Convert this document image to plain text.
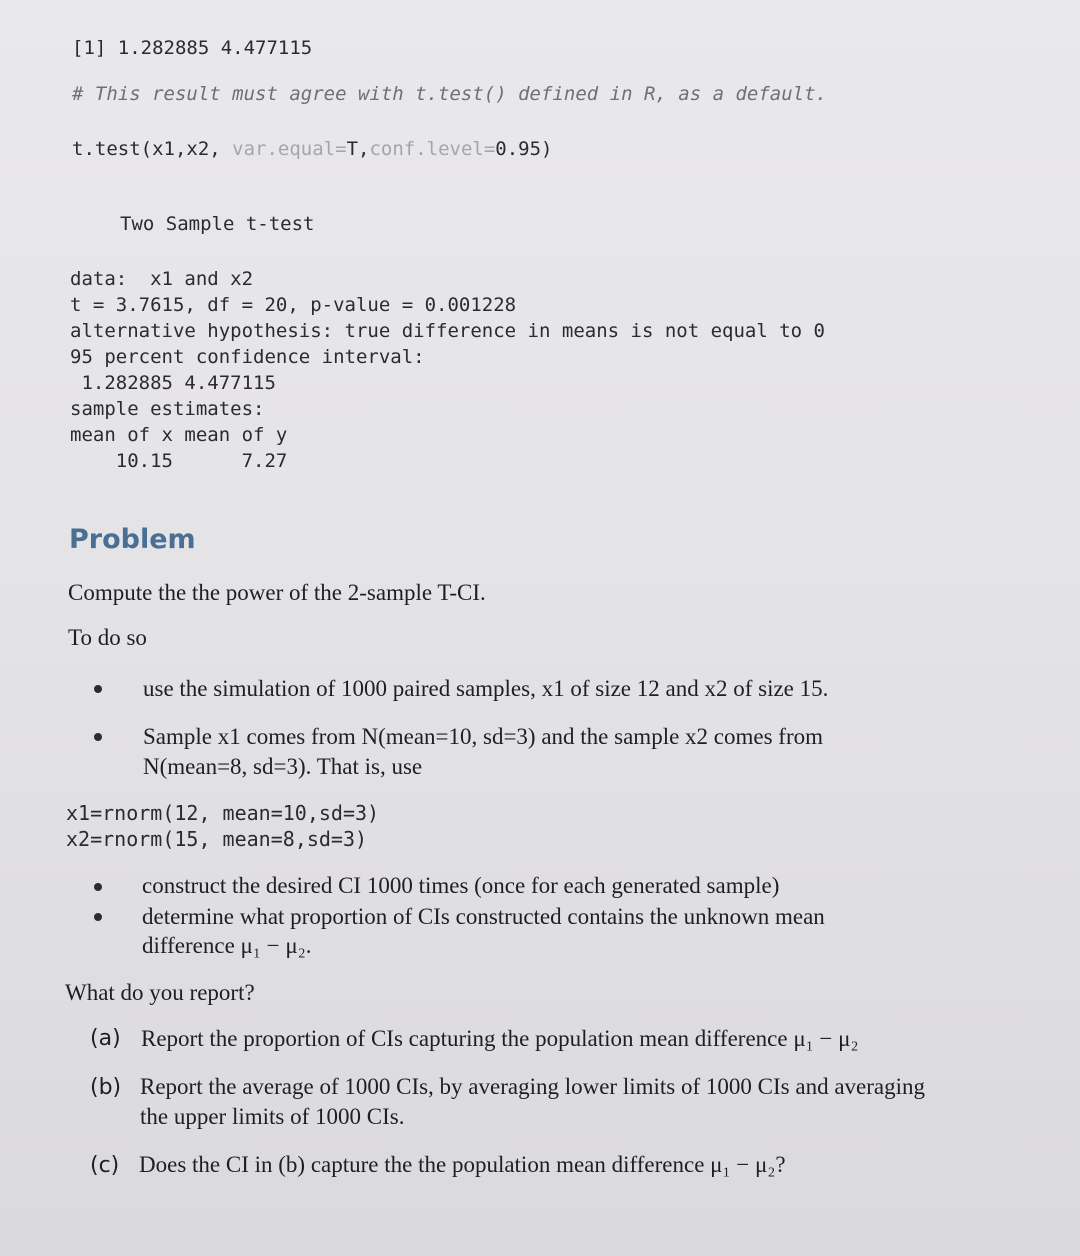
[1] 1.282885 4.477115
# This result must agree with t.test() defined in R, as a default.
t.test(x1,x2, var.equal=T,conf.level=0.95)
Two Sample t-test
data:  x1 and x2
t = 3.7615, df = 20, p-value = 0.001228
alternative hypothesis: true difference in means is not equal to 0
95 percent confidence interval:
1.282885 4.477115
sample estimates:
mean of x mean of y
10.15      7.27
Problem
Compute the the power of the 2-sample T-CI.
To do so
use the simulation of 1000 paired samples, x1 of size 12 and x2 of size 15.
Sample x1 comes from N(mean=10, sd=3) and the sample x2 comes from
N(mean=8, sd=3). That is, use
x1=rnorm(12, mean=10,sd=3)
x2=rnorm(15, mean=8,sd=3)
construct the desired CI 1000 times (once for each generated sample)
determine what proportion of CIs constructed contains the unknown mean
difference μ₁ − μ₂.
What do you report?
(a) Report the proportion of CIs capturing the population mean difference μ₁ − μ₂
(b) Report the average of 1000 CIs, by averaging lower limits of 1000 CIs and averaging
the upper limits of 1000 CIs.
(c) Does the CI in (b) capture the the population mean difference μ₁ − μ₂?
